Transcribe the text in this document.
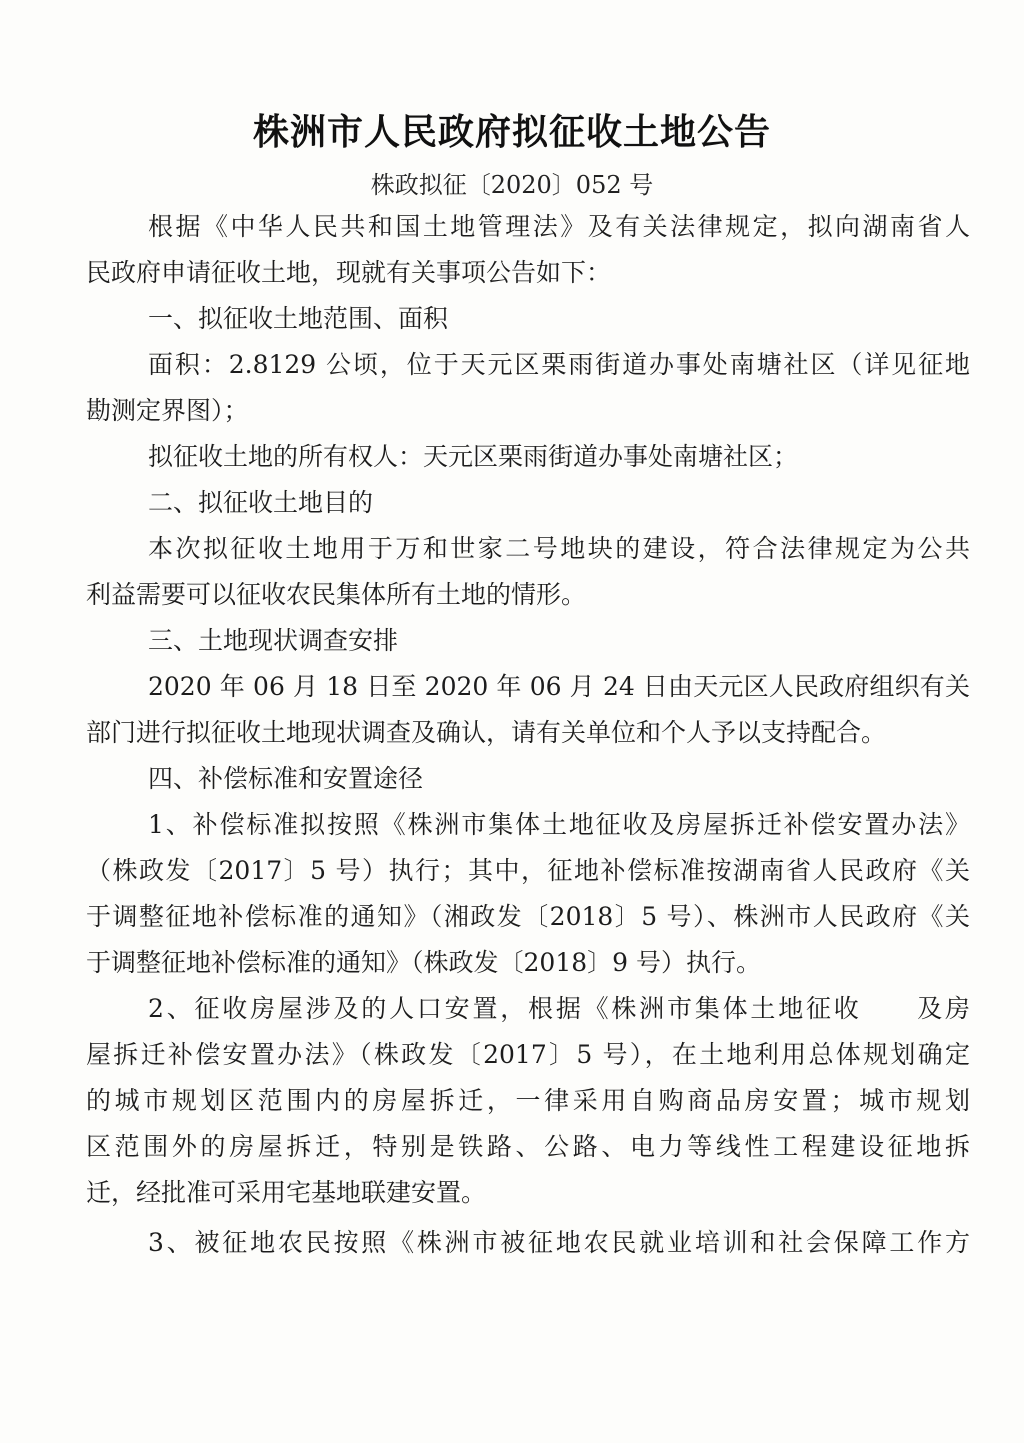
株洲市人民政府拟征收土地公告
株政拟征〔2020〕052 号
根据《中华人民共和国土地管理法》及有关法律规定，拟向湖南省人
民政府申请征收土地，现就有关事项公告如下：
一、拟征收土地范围、面积
面积：2.8129 公顷，位于天元区栗雨街道办事处南塘社区（详见征地
勘测定界图）；
拟征收土地的所有权人：天元区栗雨街道办事处南塘社区；
二、拟征收土地目的
本次拟征收土地用于万和世家二号地块的建设，符合法律规定为公共
利益需要可以征收农民集体所有土地的情形。
三、土地现状调查安排
2020 年 06 月 18 日至 2020 年 06 月 24 日由天元区人民政府组织有关
部门进行拟征收土地现状调查及确认，请有关单位和个人予以支持配合。
四、补偿标准和安置途径
1、补偿标准拟按照《株洲市集体土地征收及房屋拆迁补偿安置办法》
（株政发〔2017〕5 号）执行；其中，征地补偿标准按湖南省人民政府《关
于调整征地补偿标准的通知》（湘政发〔2018〕5 号）、株洲市人民政府《关
于调整征地补偿标准的通知》（株政发〔2018〕9 号）执行。
2、征收房屋涉及的人口安置，根据《株洲市集体土地征收　　及房
屋拆迁补偿安置办法》（株政发〔2017〕5 号），在土地利用总体规划确定
的城市规划区范围内的房屋拆迁，一律采用自购商品房安置；城市规划
区范围外的房屋拆迁，特别是铁路、公路、电力等线性工程建设征地拆
迁，经批准可采用宅基地联建安置。
3、被征地农民按照《株洲市被征地农民就业培训和社会保障工作方
